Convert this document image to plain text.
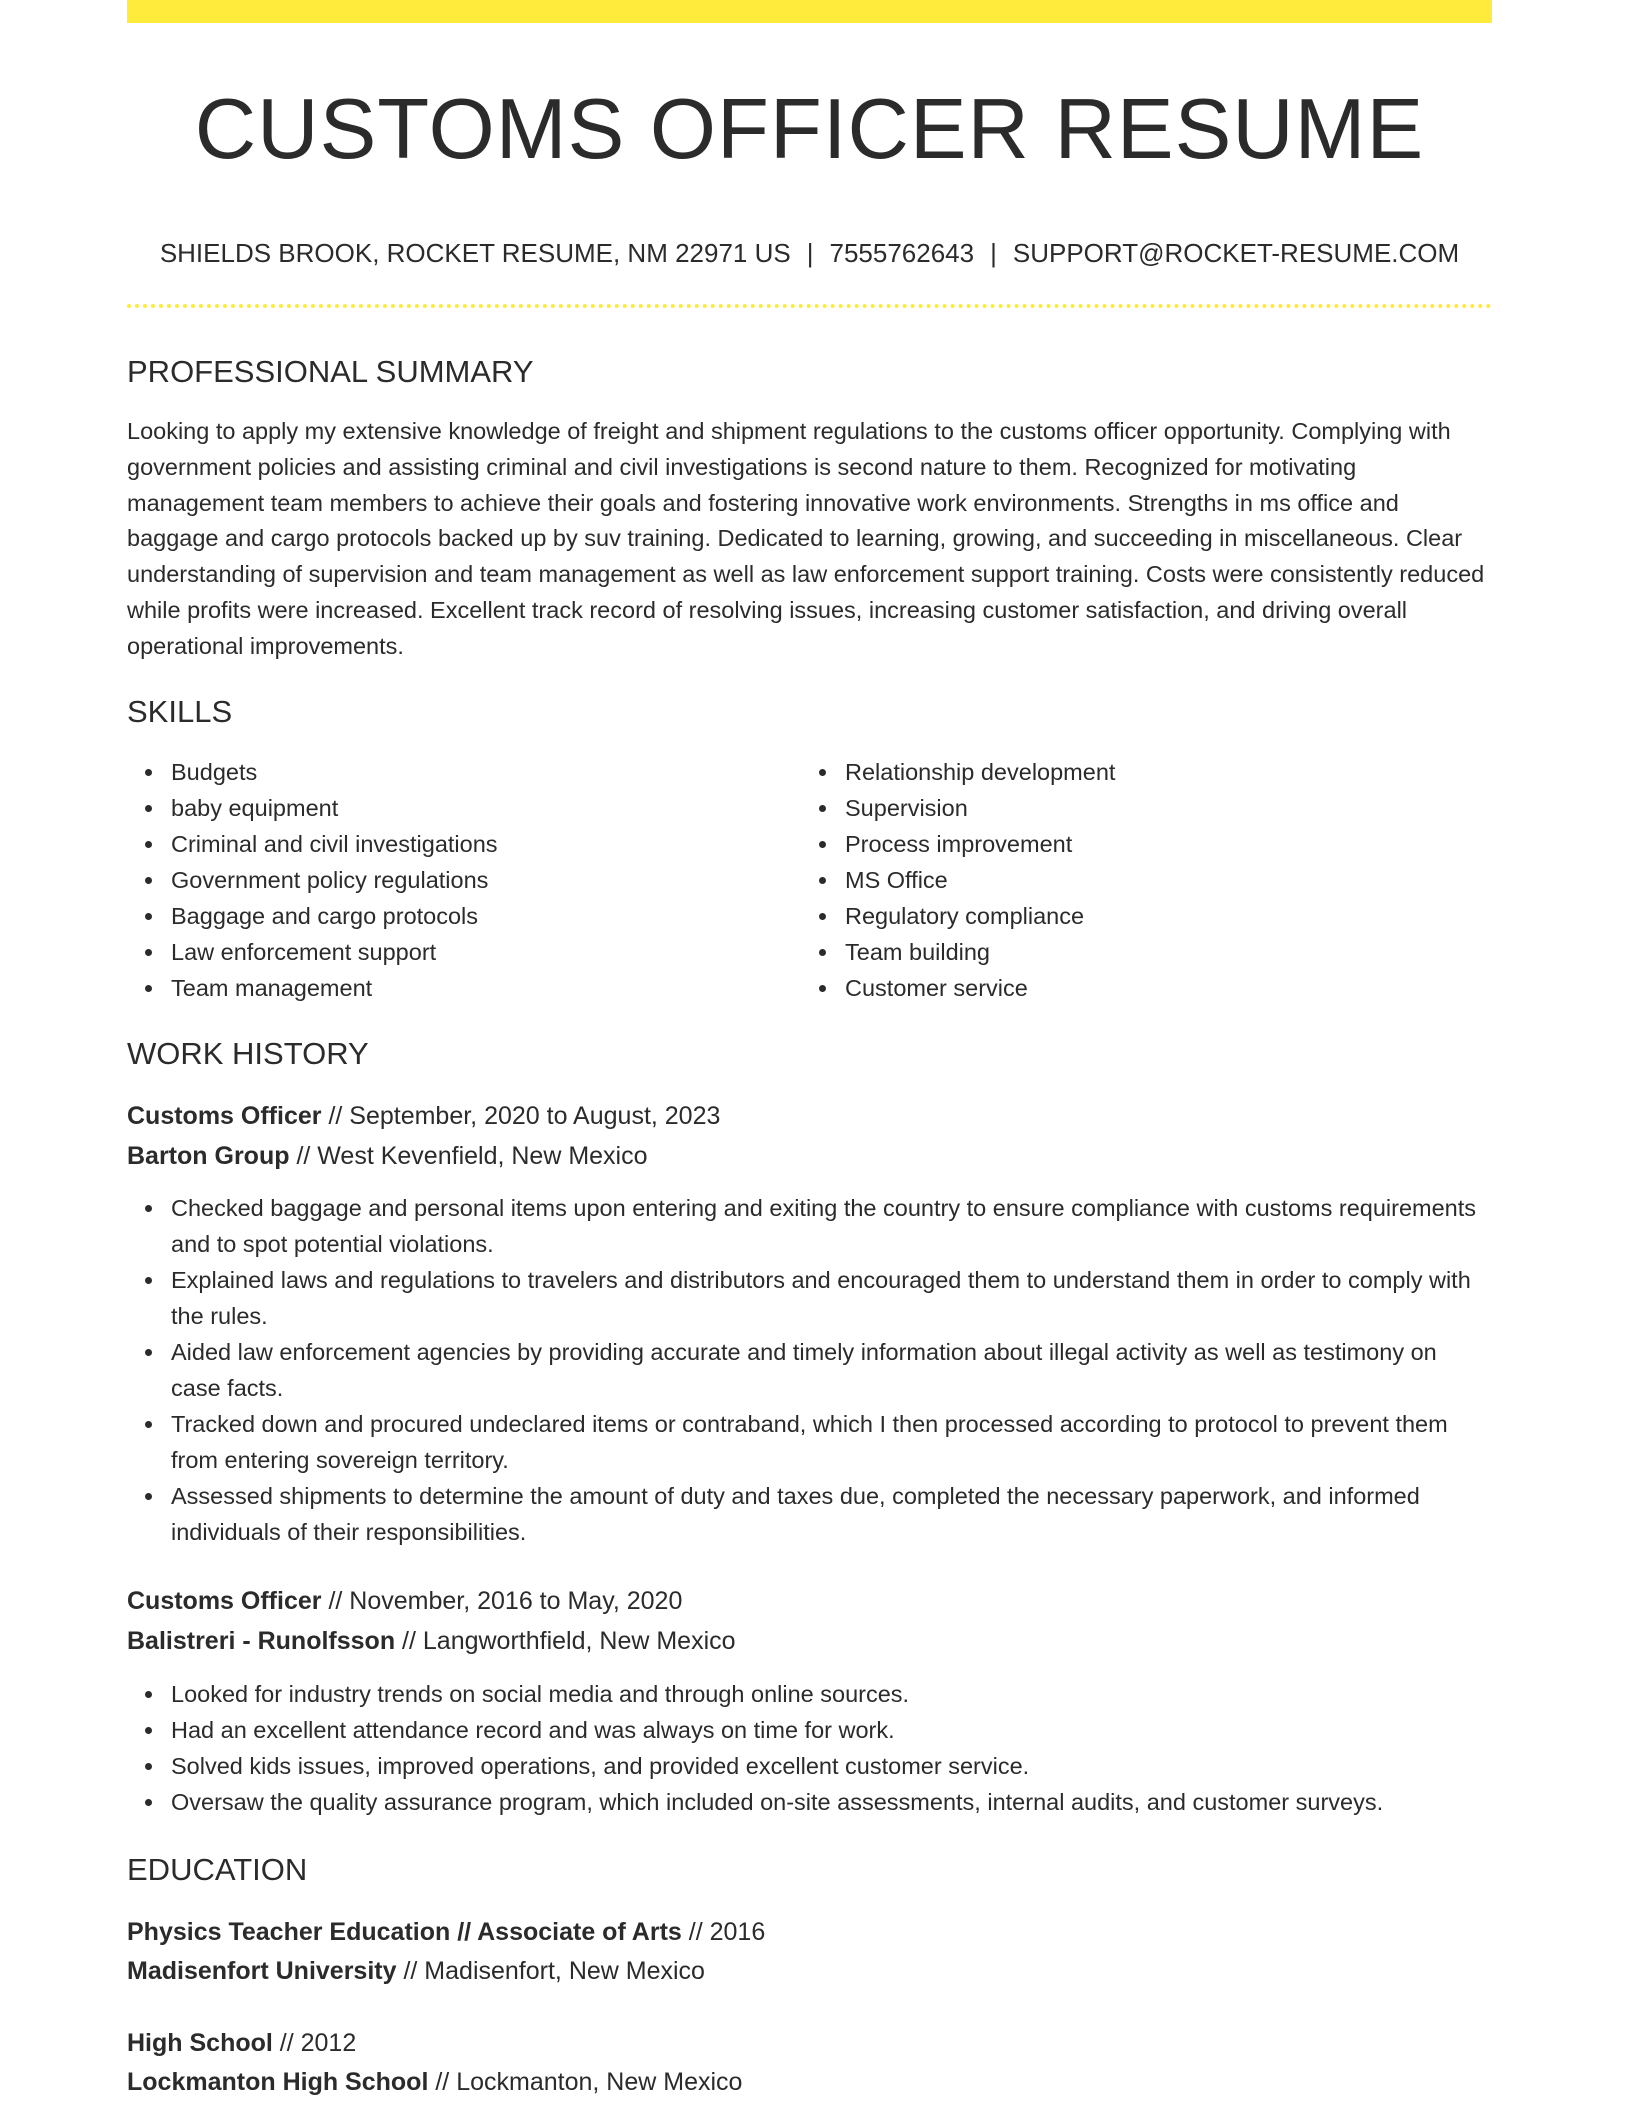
CUSTOMS OFFICER RESUME
SHIELDS BROOK, ROCKET RESUME, NM 22971 US | 7555762643 | SUPPORT@ROCKET-RESUME.COM
PROFESSIONAL SUMMARY

Looking to apply my extensive knowledge of freight and shipment regulations to the customs officer opportunity. Complying with government policies and assisting criminal and civil investigations is second nature to them. Recognized for motivating management team members to achieve their goals and fostering innovative work environments. Strengths in ms office and baggage and cargo protocols backed up by suv training. Dedicated to learning, growing, and succeeding in miscellaneous. Clear understanding of supervision and team management as well as law enforcement support training. Costs were consistently reduced while profits were increased. Excellent track record of resolving issues, increasing customer satisfaction, and driving overall operational improvements.

SKILLS
Budgets
baby equipment
Criminal and civil investigations
Government policy regulations
Baggage and cargo protocols
Law enforcement support
Team management
Relationship development
Supervision
Process improvement
MS Office
Regulatory compliance
Team building
Customer service
WORK HISTORY
Customs Officer // September, 2020 to August, 2023
Barton Group // West Kevenfield, New Mexico
Checked baggage and personal items upon entering and exiting the country to ensure compliance with customs requirements and to spot potential violations.
Explained laws and regulations to travelers and distributors and encouraged them to understand them in order to comply with the rules.
Aided law enforcement agencies by providing accurate and timely information about illegal activity as well as testimony on case facts.
Tracked down and procured undeclared items or contraband, which I then processed according to protocol to prevent them from entering sovereign territory.
Assessed shipments to determine the amount of duty and taxes due, completed the necessary paperwork, and informed individuals of their responsibilities.
Customs Officer // November, 2016 to May, 2020
Balistreri - Runolfsson // Langworthfield, New Mexico
Looked for industry trends on social media and through online sources.
Had an excellent attendance record and was always on time for work.
Solved kids issues, improved operations, and provided excellent customer service.
Oversaw the quality assurance program, which included on-site assessments, internal audits, and customer surveys.
EDUCATION
Physics Teacher Education // Associate of Arts // 2016
Madisenfort University // Madisenfort, New Mexico
High School // 2012
Lockmanton High School // Lockmanton, New Mexico
